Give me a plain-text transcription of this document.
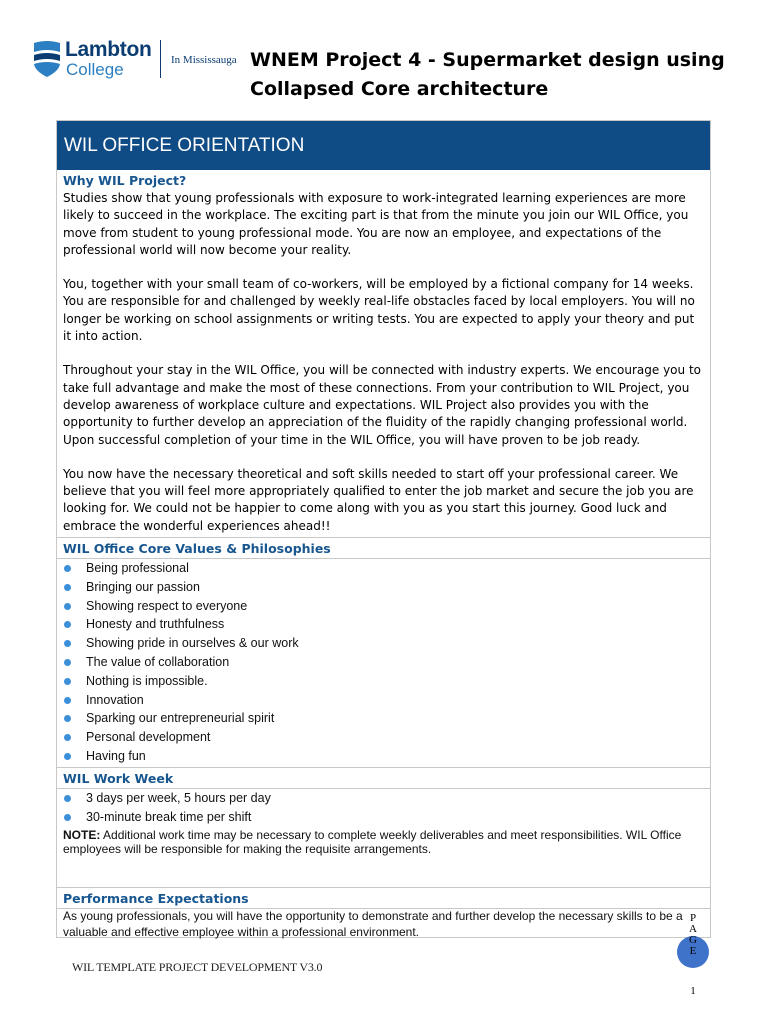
Lambton
College	In Mississauga WNEM Project 4 - Supermarket design using Collapsed Core architecture
WIL OFFICE ORIENTATION
Why WIL Project?

Studies show that young professionals with exposure to work-integrated learning experiences are more likely to succeed in the workplace. The exciting part is that from the minute you join our WIL Office, you move from student to young professional mode. You are now an employee, and expectations of the professional world will now become your reality.

You, together with your small team of co-workers, will be employed by a fictional company for 14 weeks. You are responsible for and challenged by weekly real-life obstacles faced by local employers. You will no longer be working on school assignments or writing tests. You are expected to apply your theory and put it into action.

Throughout your stay in the WIL Office, you will be connected with industry experts. We encourage you to take full advantage and make the most of these connections. From your contribution to WIL Project, you develop awareness of workplace culture and expectations. WIL Project also provides you with the opportunity to further develop an appreciation of the fluidity of the rapidly changing professional world. Upon successful completion of your time in the WIL Office, you will have proven to be job ready.

You now have the necessary theoretical and soft skills needed to start off your professional career. We believe that you will feel more appropriately qualified to enter the job market and secure the job you are looking for. We could not be happier to come along with you as you start this journey. Good luck and embrace the wonderful experiences ahead!!

WIL Office Core Values & Philosophies
Being professional
Bringing our passion
Showing respect to everyone
Honesty and truthfulness
Showing pride in ourselves & our work
The value of collaboration
Nothing is impossible.
Innovation
Sparking our entrepreneurial spirit
Personal development
Having fun
WIL Work Week
3 days per week, 5 hours per day
30-minute break time per shift
NOTE: Additional work time may be necessary to complete weekly deliverables and meet responsibilities. WIL Office employees will be responsible for making the requisite arrangements.
Performance Expectations
As young professionals, you will have the opportunity to demonstrate and further develop the necessary skills to be a valuable and effective employee within a professional environment.
WIL TEMPLATE PROJECT DEVELOPMENT V3.0
P
A
G
E
1
